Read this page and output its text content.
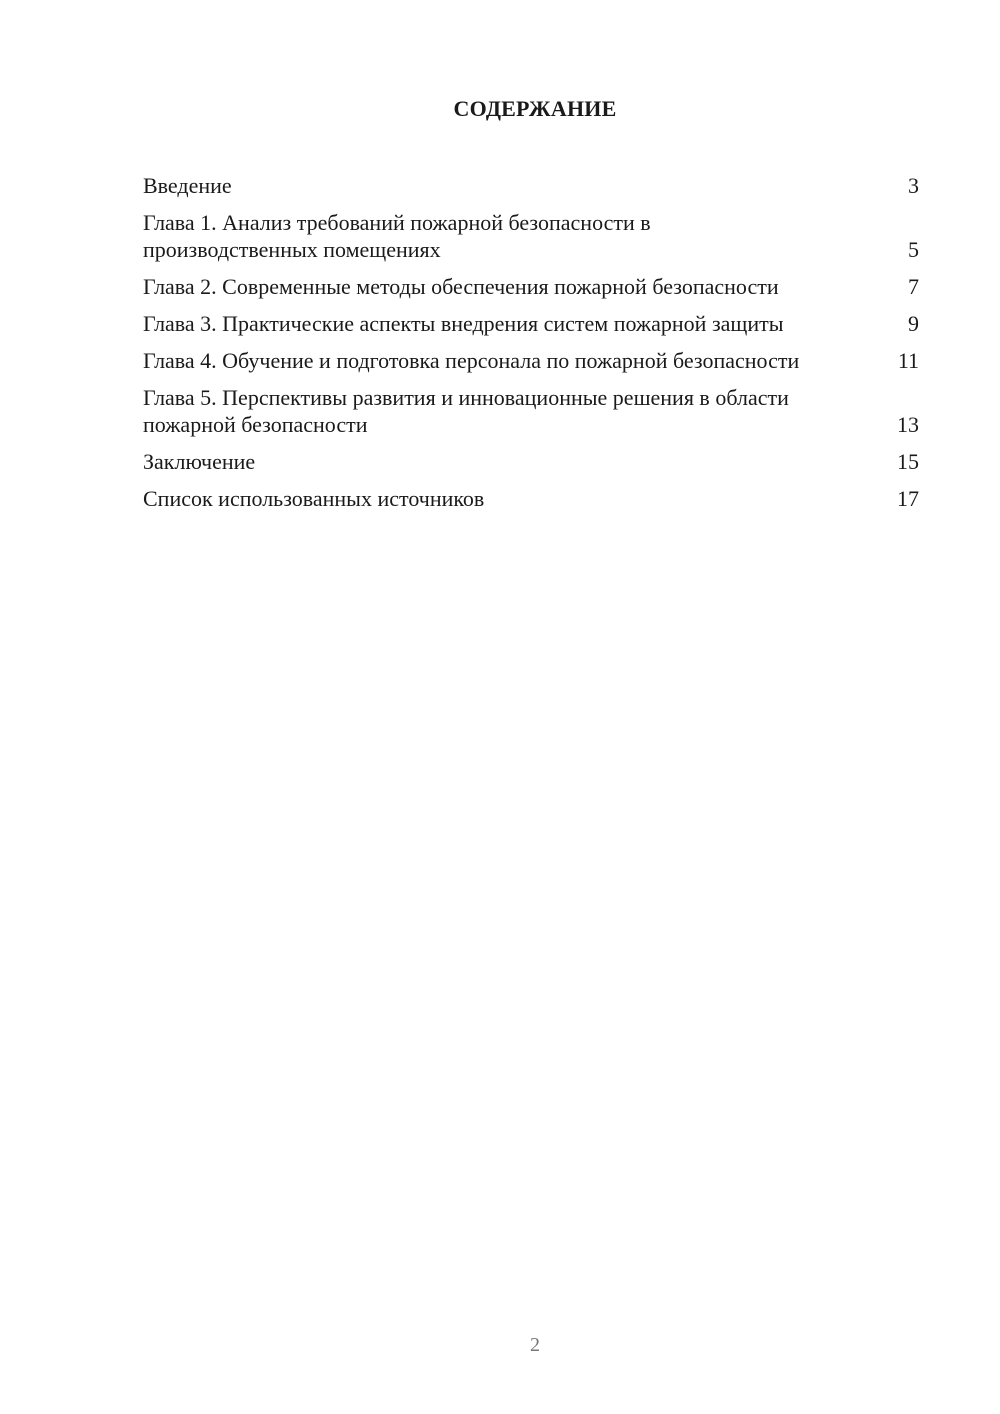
СОДЕРЖАНИЕ
Введение	3
Глава 1. Анализ требований пожарной безопасности в производственных помещениях	5
Глава 2. Современные методы обеспечения пожарной безопасности	7
Глава 3. Практические аспекты внедрения систем пожарной защиты	9
Глава 4. Обучение и подготовка персонала по пожарной безопасности	11
Глава 5. Перспективы развития и инновационные решения в области пожарной безопасности	13
Заключение	15
Список использованных источников	17
2
